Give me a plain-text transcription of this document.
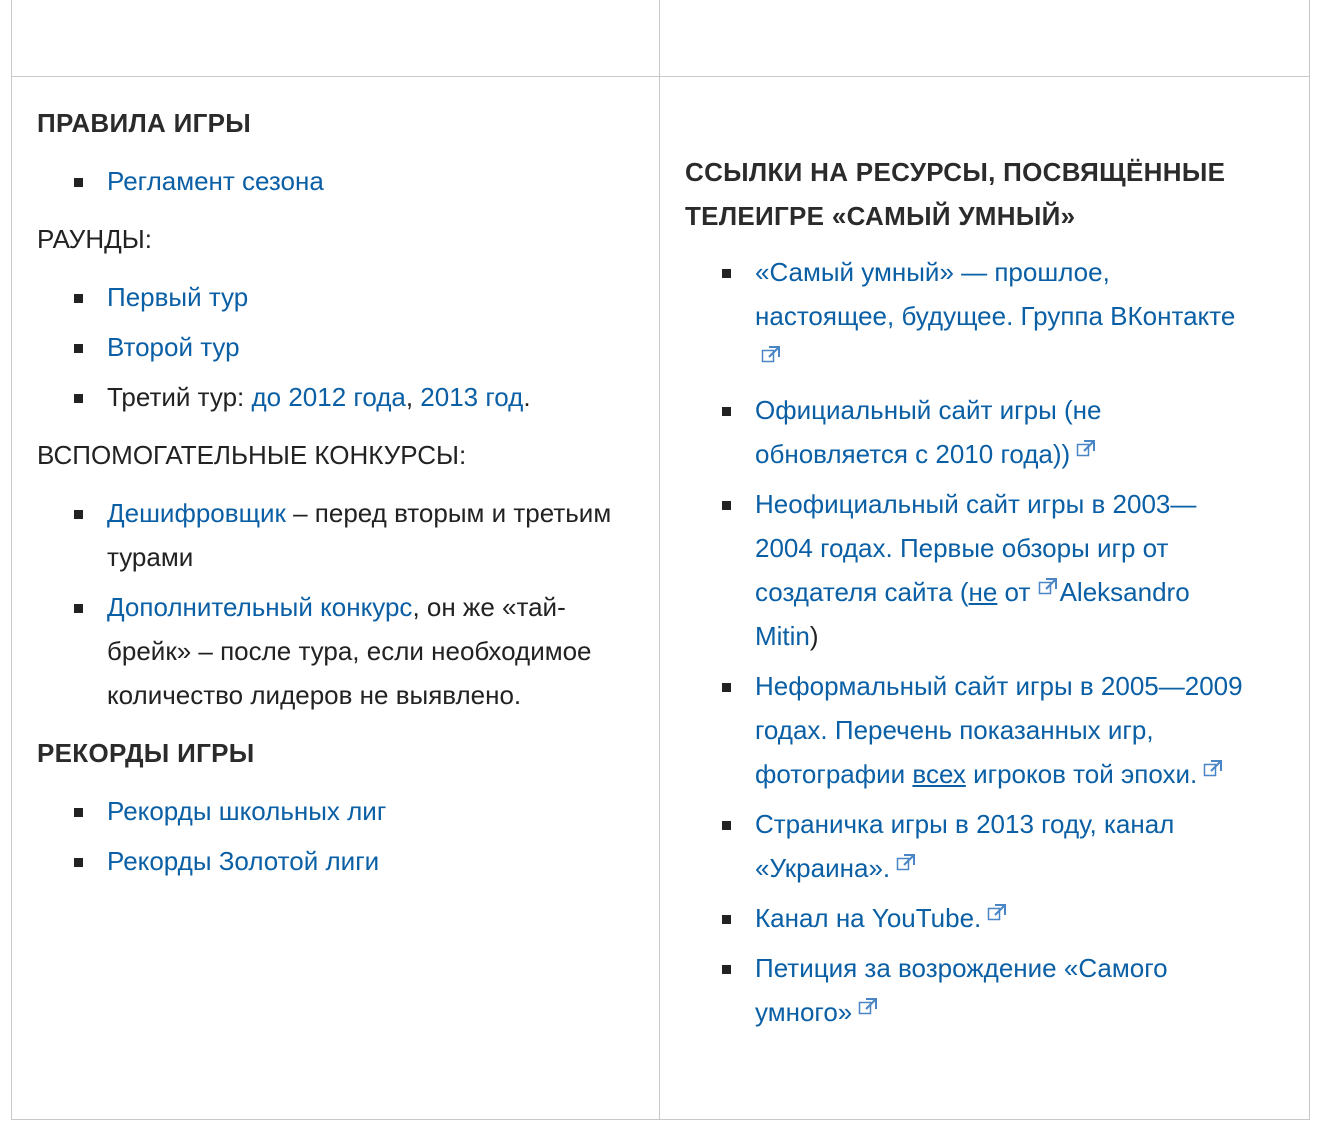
ПРАВИЛА ИГРЫ

Регламент сезона

РАУНДЫ:

Первый тур
Второй тур
Третий тур: до 2012 года, 2013 год.

ВСПОМОГАТЕЛЬНЫЕ КОНКУРСЫ:

Дешифровщик – перед вторым и третьим турами
Дополнительный конкурс, он же «тай-брейк» – после тура, если необходимое количество лидеров не выявлено.

РЕКОРДЫ ИГРЫ

Рекорды школьных лиг
Рекорды Золотой лиги

ССЫЛКИ НА РЕСУРСЫ, ПОСВЯЩЁННЫЕ ТЕЛЕИГРЕ «САМЫЙ УМНЫЙ»

«Самый умный» — прошлое, настоящее, будущее. Группа ВКонтакте
Официальный сайт игры (не обновляется с 2010 года))
Неофициальный сайт игры в 2003—2004 годах. Первые обзоры игр от создателя сайта (не от Aleksandro Mitin)
Неформальный сайт игры в 2005—2009 годах. Перечень показанных игр, фотографии всех игроков той эпохи.
Страничка игры в 2013 году, канал «Украина».
Канал на YouTube.
Петиция за возрождение «Самого умного»
